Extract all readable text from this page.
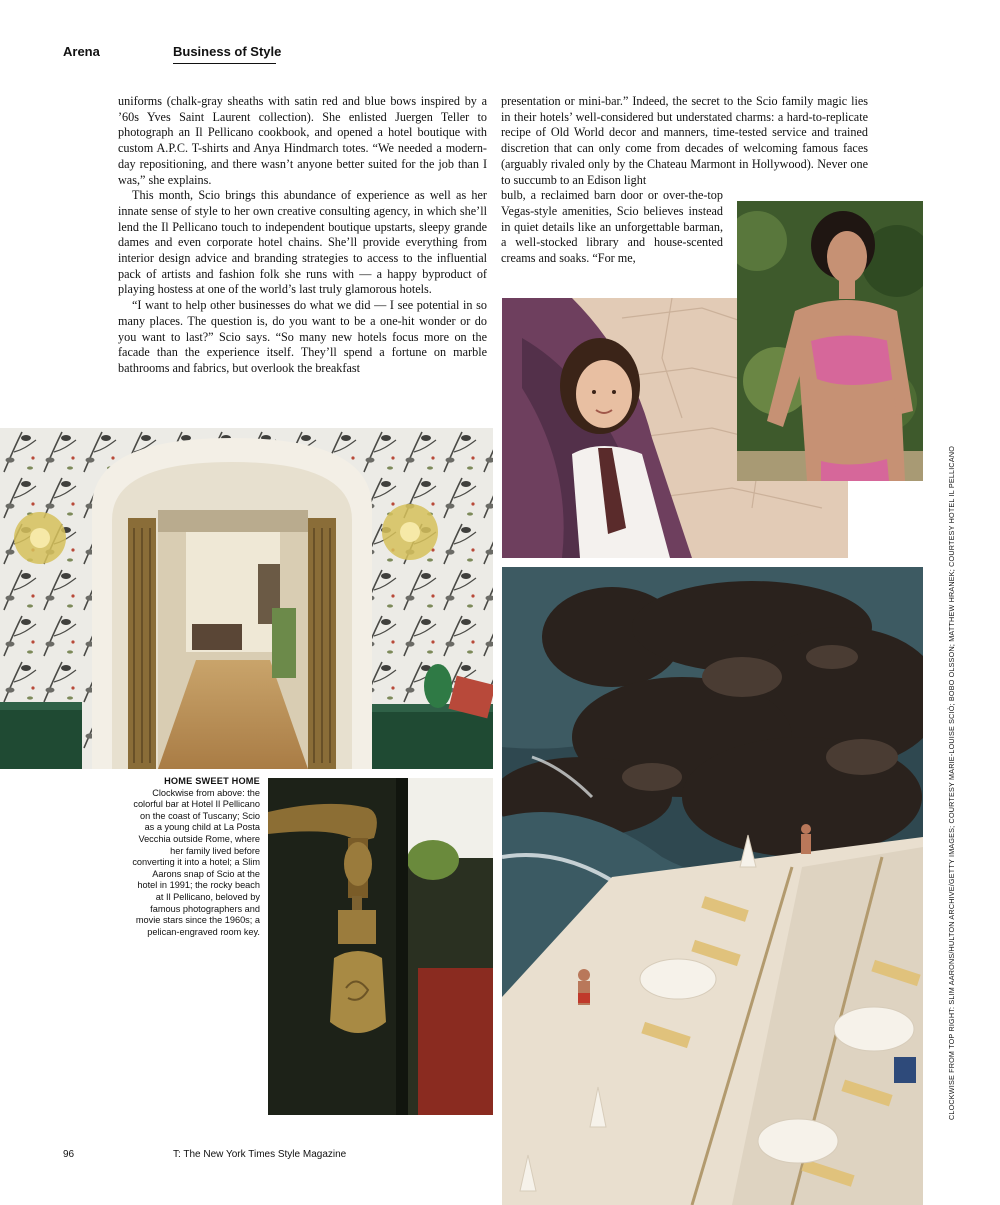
Arena	Business of Style

uniforms (chalk-gray sheaths with satin red and blue bows inspired by a ’60s Yves Saint Laurent collection). She enlisted Juergen Teller to photograph an Il Pellicano cookbook, and opened a hotel boutique with custom A.P.C. T-shirts and Anya Hindmarch totes. “We needed a modern-day repositioning, and there wasn’t anyone better suited for the job than I was,” she explains.

This month, Scio brings this abundance of experience as well as her innate sense of style to her own creative consulting agency, in which she’ll lend the Il Pellicano touch to independent boutique upstarts, sleepy grande dames and even corporate hotel chains. She’ll provide everything from interior design advice and branding strategies to access to the influential pack of artists and fashion folk she runs with — a happy byproduct of playing hostess at one of the world’s last truly glamorous hotels.

“I want to help other businesses do what we did — I see potential in so many places. The question is, do you want to be a one-hit wonder or do you want to last?” Scio says. “So many new hotels focus more on the facade than the experience itself. They’ll spend a fortune on marble bathrooms and fabrics, but overlook the breakfast

presentation or mini-bar.” Indeed, the secret to the Scio family magic lies in their hotels’ well-considered but understated charms: a hard-to-replicate recipe of Old World decor and manners, time-tested service and trained discretion that can only come from decades of welcoming famous faces (arguably rivaled only by the Chateau Marmont in Hollywood). Never one to succumb to an Edison light

bulb, a reclaimed barn door or over-the-top Vegas-style amenities, Scio believes instead in quiet details like an unforgettable barman, a well-stocked library and house-scented creams and soaks. “For me,

HOME SWEET HOME
Clockwise from above: the colorful bar at Hotel Il Pellicano on the coast of Tuscany; Scio as a young child at La Posta Vecchia outside Rome, where her family lived before converting it into a hotel; a Slim Aarons snap of Scio at the hotel in 1991; the rocky beach at Il Pellicano, beloved by famous photographers and movie stars since the 1960s; a pelican-engraved room key.	CLOCKWISE FROM TOP RIGHT: SLIM AARONS/HULTON ARCHIVE/GETTY IMAGES; COURTESY MARIE-LOUISE SCIÒ; BOBO OLSSON; MATTHEW HRANEK; COURTESY HOTEL IL PELLICANO
96	T: The New York Times Style Magazine
